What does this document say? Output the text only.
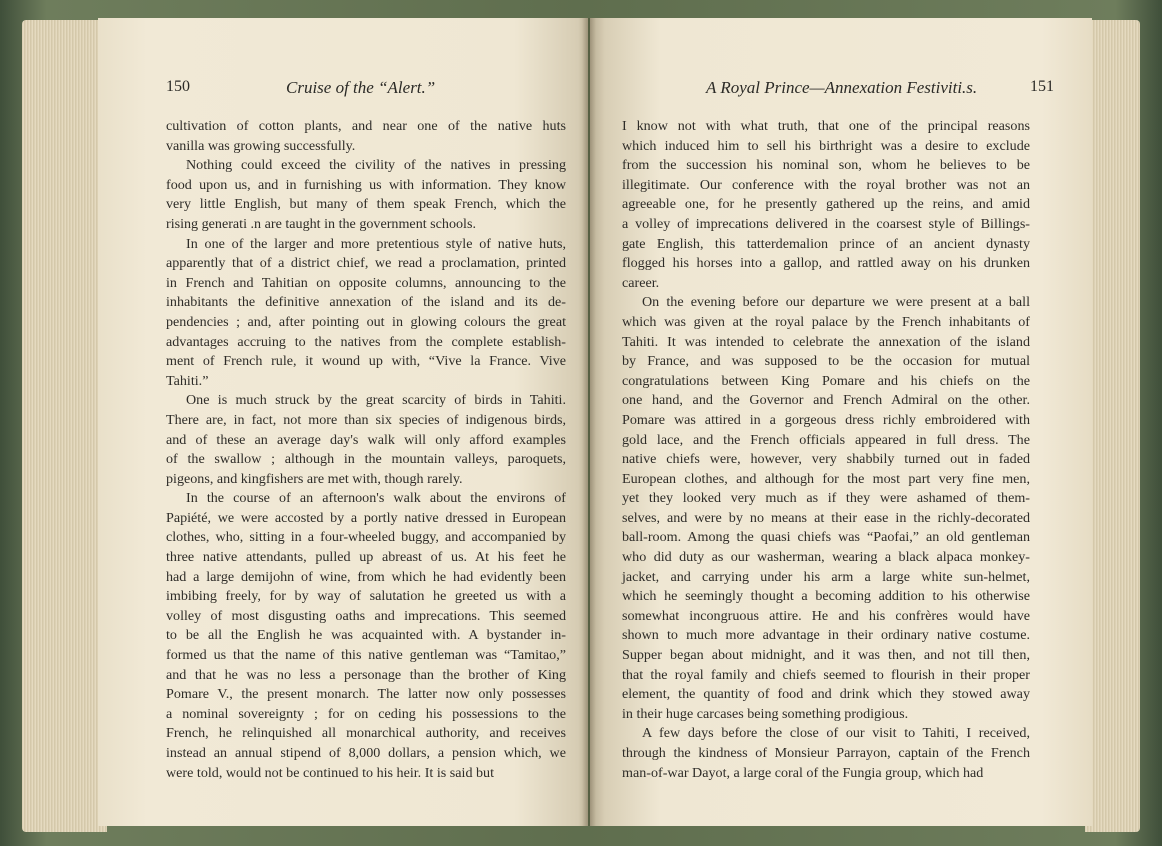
150	Cruise of the “Alert.”	A Royal Prince—Annexation Festiviti.s.	151
cultivation of cotton plants, and near one of the native huts
vanilla was growing successfully.
Nothing could exceed the civility of the natives in pressing
food upon us, and in furnishing us with information. They know
very little English, but many of them speak French, which the
rising generati .n are taught in the government schools.
In one of the larger and more pretentious style of native huts,
apparently that of a district chief, we read a proclamation, printed
in French and Tahitian on opposite columns, announcing to the
inhabitants the definitive annexation of the island and its de-
pendencies ; and, after pointing out in glowing colours the great
advantages accruing to the natives from the complete establish-
ment of French rule, it wound up with, “Vive la France. Vive
Tahiti.”
One is much struck by the great scarcity of birds in Tahiti.
There are, in fact, not more than six species of indigenous birds,
and of these an average day's walk will only afford examples
of the swallow ; although in the mountain valleys, paroquets,
pigeons, and kingfishers are met with, though rarely.
In the course of an afternoon's walk about the environs of
Papiété, we were accosted by a portly native dressed in European
clothes, who, sitting in a four-wheeled buggy, and accompanied by
three native attendants, pulled up abreast of us. At his feet he
had a large demijohn of wine, from which he had evidently been
imbibing freely, for by way of salutation he greeted us with a
volley of most disgusting oaths and imprecations. This seemed
to be all the English he was acquainted with. A bystander in-
formed us that the name of this native gentleman was “Tamitao,”
and that he was no less a personage than the brother of King
Pomare V., the present monarch. The latter now only possesses
a nominal sovereignty ; for on ceding his possessions to the
French, he relinquished all monarchical authority, and receives
instead an annual stipend of 8,000 dollars, a pension which, we
were told, would not be continued to his heir. It is said but
I know not with what truth, that one of the principal reasons
which induced him to sell his birthright was a desire to exclude
from the succession his nominal son, whom he believes to be
illegitimate. Our conference with the royal brother was not an
agreeable one, for he presently gathered up the reins, and amid
a volley of imprecations delivered in the coarsest style of Billings-
gate English, this tatterdemalion prince of an ancient dynasty
flogged his horses into a gallop, and rattled away on his drunken
career.
On the evening before our departure we were present at a ball
which was given at the royal palace by the French inhabitants of
Tahiti. It was intended to celebrate the annexation of the island
by France, and was supposed to be the occasion for mutual
congratulations between King Pomare and his chiefs on the
one hand, and the Governor and French Admiral on the other.
Pomare was attired in a gorgeous dress richly embroidered with
gold lace, and the French officials appeared in full dress. The
native chiefs were, however, very shabbily turned out in faded
European clothes, and although for the most part very fine men,
yet they looked very much as if they were ashamed of them-
selves, and were by no means at their ease in the richly-decorated
ball-room. Among the quasi chiefs was “Paofai,” an old gentleman
who did duty as our washerman, wearing a black alpaca monkey-
jacket, and carrying under his arm a large white sun-helmet,
which he seemingly thought a becoming addition to his otherwise
somewhat incongruous attire. He and his confrères would have
shown to much more advantage in their ordinary native costume.
Supper began about midnight, and it was then, and not till then,
that the royal family and chiefs seemed to flourish in their proper
element, the quantity of food and drink which they stowed away
in their huge carcases being something prodigious.
A few days before the close of our visit to Tahiti, I received,
through the kindness of Monsieur Parrayon, captain of the French
man-of-war Dayot, a large coral of the Fungia group, which had
